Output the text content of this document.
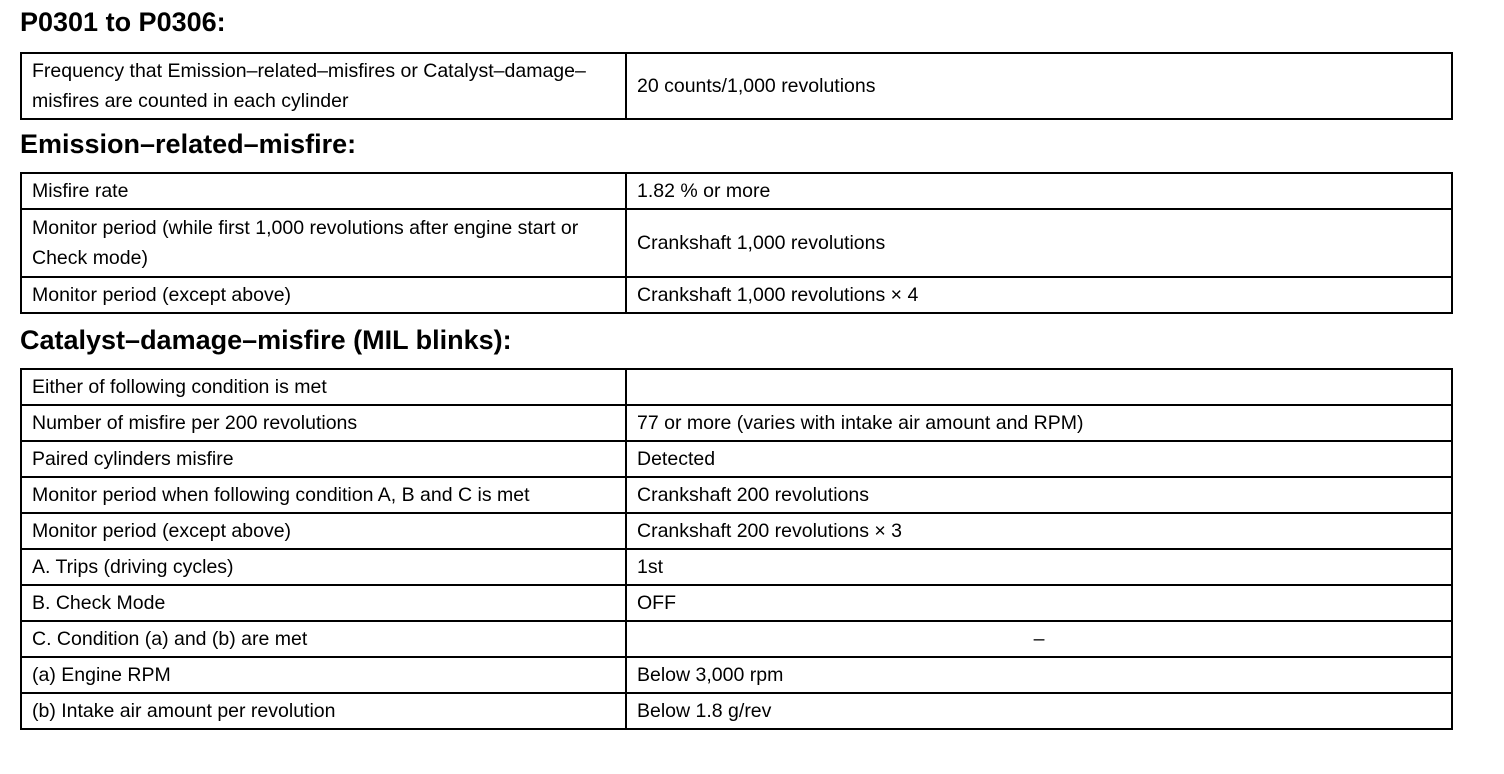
P0301 to P0306:
Frequency that Emission–related–misfires or Catalyst–damage–misfires are counted in each cylinder	20 counts/1,000 revolutions
Emission–related–misfire:
Misfire rate	1.82 % or more
Monitor period (while first 1,000 revolutions after engine start or Check mode)	Crankshaft 1,000 revolutions
Monitor period (except above)	Crankshaft 1,000 revolutions × 4
Catalyst–damage–misfire (MIL blinks):
Either of following condition is met	
Number of misfire per 200 revolutions	77 or more (varies with intake air amount and RPM)
Paired cylinders misfire	Detected
Monitor period when following condition A, B and C is met	Crankshaft 200 revolutions
Monitor period (except above)	Crankshaft 200 revolutions × 3
A. Trips (driving cycles)	1st
B. Check Mode	OFF
C. Condition (a) and (b) are met	–
(a) Engine RPM	Below 3,000 rpm
(b) Intake air amount per revolution	Below 1.8 g/rev
